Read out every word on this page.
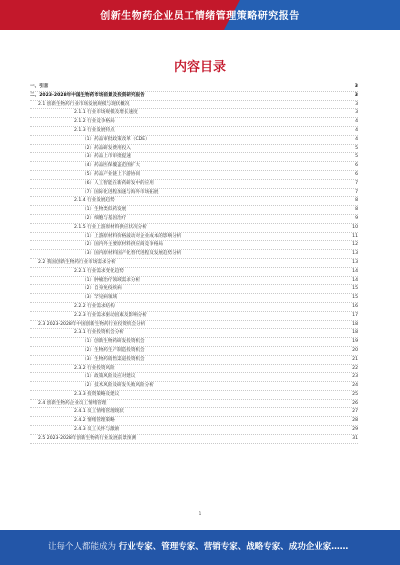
创新生物药企业员工情绪管理策略研究报告
内容目录
一、引言	3
二、2023-2028年中国生物药市场前景及投资研究报告	3
2.1 创新生物药行业市场发展规模与现状概况	3
2.1.1 行业市场规模及增长速度	3
2.1.2 行业竞争格局	4
2.1.3 行业发展特点	4
（1）药品审批政策改革（CDE）	4
（2）药品研发费用投入	5
（3）药品上市审批提速	5
（4）药品医保覆盖范围扩大	6
（5）药品产业链上下游协同	6
（6）人工智能在新药研发中的应用	7
（7）国际化进程加速与海外市场拓展	7
2.1.4 行业发展趋势	8
（1）生物类似药发展	8
（2）细胞与基因治疗	9
2.1.5 行业上游原材料供应状况分析	10
（1）上游原材料价格波动对企业成本的影响分析	11
（2）国内外主要原材料供应商竞争格局	12
（3）国内原材料国产化替代进程及发展趋势分析	13
2.2 我国创新生物药行业市场需求分析	13
2.2.1 行业需求变化趋势	14
（1）肿瘤治疗领域需求分析	14
（2）自身免疫疾病	15
（3）罕见病领域	15
2.2.2 行业需求结构	16
2.2.3 行业需求驱动因素及影响分析	17
2.3 2023-2028年中国创新生物药行业投资机会分析	18
2.3.1 行业投资机会分析	18
（1）创新生物药研发投资机会	19
（2）生物药生产制造投资机会	20
（3）生物药销售渠道投资机会	21
2.3.2 行业投资风险	22
（1）政策风险及应对建议	23
（2）技术风险及研发失败风险分析	24
2.3.3 投资策略及建议	25
2.4 创新生物药企业员工情绪管理	26
2.4.1 员工情绪管理现状	27
2.4.2 情绪管理策略	28
2.4.3 员工关怀与激励	29
2.5 2023-2028年创新生物药行业发展前景预测	31
1
让每个人都能成为 行业专家、管理专家、营销专家、战略专家、成功企业家……
